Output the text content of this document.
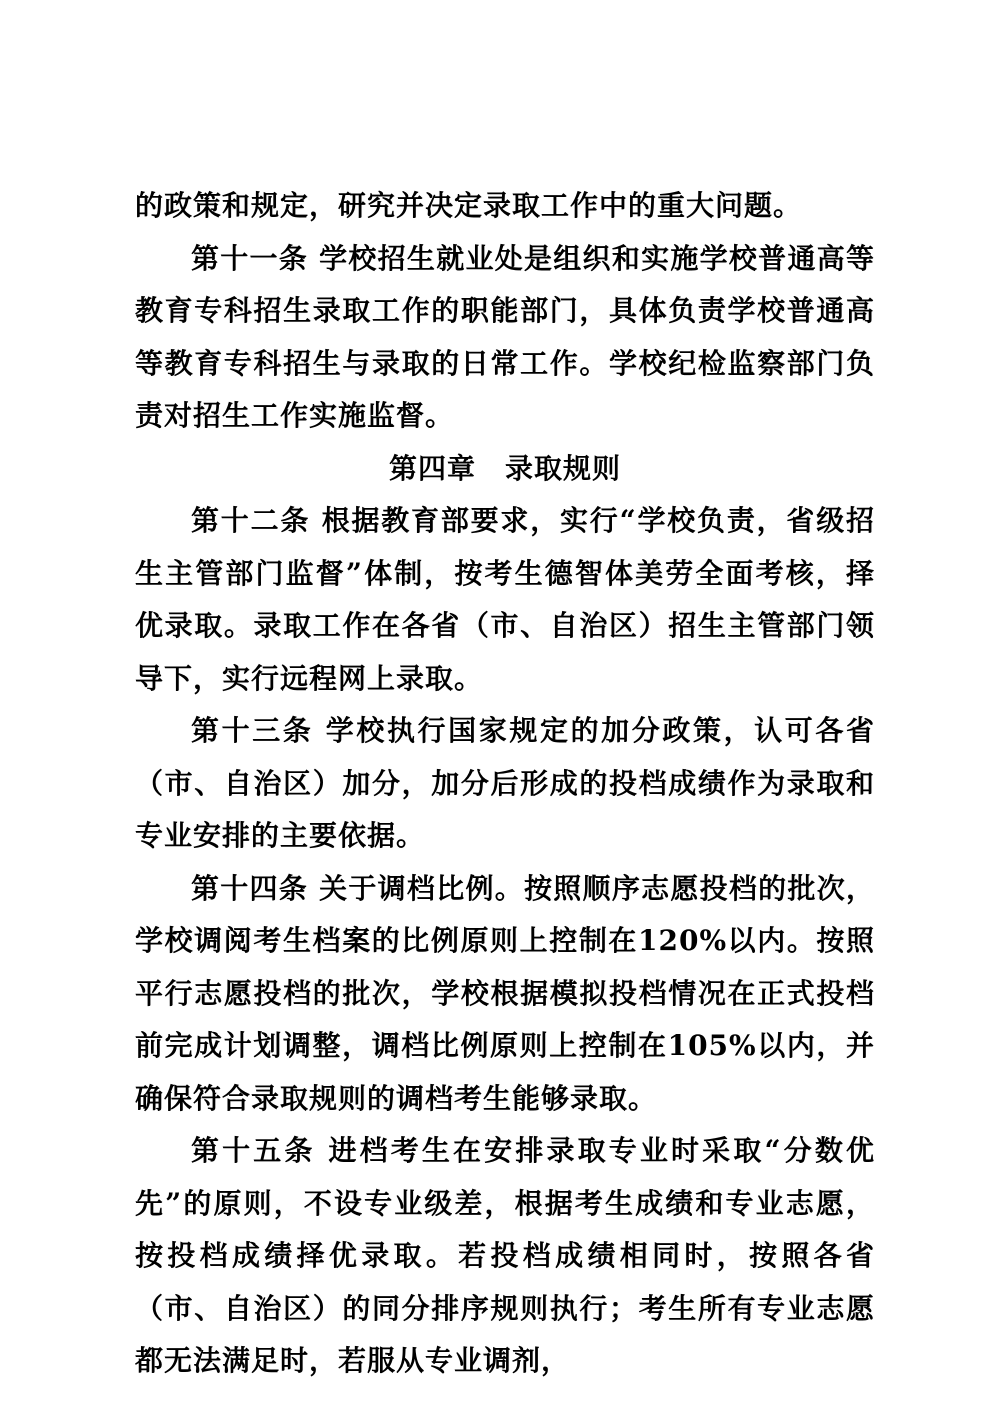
的政策和规定，研究并决定录取工作中的重大问题。

第十一条 学校招生就业处是组织和实施学校普通高等教育专科招生录取工作的职能部门，具体负责学校普通高等教育专科招生与录取的日常工作。学校纪检监察部门负责对招生工作实施监督。

第四章　录取规则

第十二条 根据教育部要求，实行“学校负责，省级招生主管部门监督”体制，按考生德智体美劳全面考核，择优录取。录取工作在各省（市、自治区）招生主管部门领导下，实行远程网上录取。

第十三条 学校执行国家规定的加分政策，认可各省（市、自治区）加分，加分后形成的投档成绩作为录取和专业安排的主要依据。

第十四条 关于调档比例。按照顺序志愿投档的批次，学校调阅考生档案的比例原则上控制在120%以内。按照平行志愿投档的批次，学校根据模拟投档情况在正式投档前完成计划调整，调档比例原则上控制在105%以内，并确保符合录取规则的调档考生能够录取。

第十五条 进档考生在安排录取专业时采取“分数优先”的原则，不设专业级差，根据考生成绩和专业志愿，按投档成绩择优录取。若投档成绩相同时，按照各省（市、自治区）的同分排序规则执行；考生所有专业志愿都无法满足时，若服从专业调剂，
